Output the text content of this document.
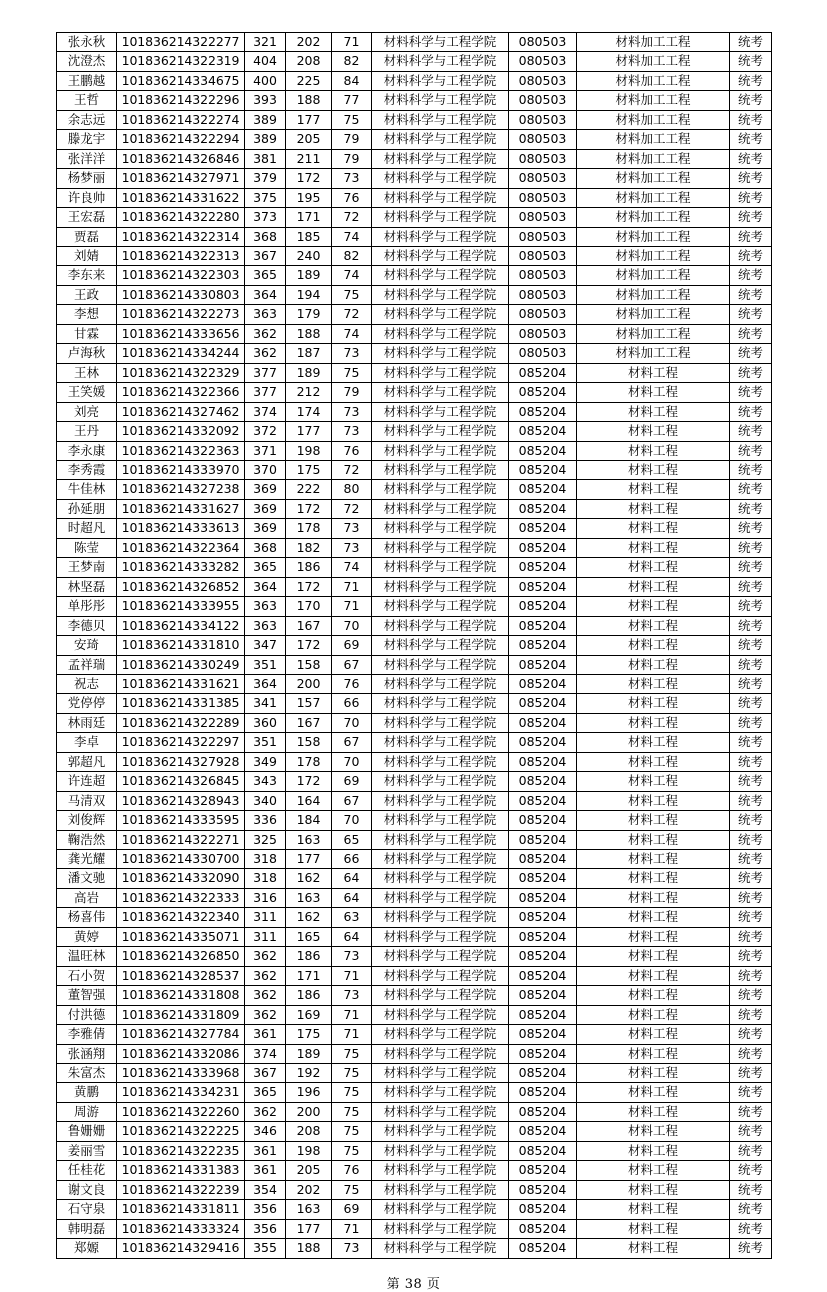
张永秋	101836214322277	321	202	71	材料科学与工程学院	080503	材料加工工程	统考
沈澄杰	101836214322319	404	208	82	材料科学与工程学院	080503	材料加工工程	统考
王鹏越	101836214334675	400	225	84	材料科学与工程学院	080503	材料加工工程	统考
王哲	101836214322296	393	188	77	材料科学与工程学院	080503	材料加工工程	统考
余志远	101836214322274	389	177	75	材料科学与工程学院	080503	材料加工工程	统考
滕龙宇	101836214322294	389	205	79	材料科学与工程学院	080503	材料加工工程	统考
张洋洋	101836214326846	381	211	79	材料科学与工程学院	080503	材料加工工程	统考
杨梦丽	101836214327971	379	172	73	材料科学与工程学院	080503	材料加工工程	统考
许良帅	101836214331622	375	195	76	材料科学与工程学院	080503	材料加工工程	统考
王宏磊	101836214322280	373	171	72	材料科学与工程学院	080503	材料加工工程	统考
贾磊	101836214322314	368	185	74	材料科学与工程学院	080503	材料加工工程	统考
刘婧	101836214322313	367	240	82	材料科学与工程学院	080503	材料加工工程	统考
李东来	101836214322303	365	189	74	材料科学与工程学院	080503	材料加工工程	统考
王政	101836214330803	364	194	75	材料科学与工程学院	080503	材料加工工程	统考
李想	101836214322273	363	179	72	材料科学与工程学院	080503	材料加工工程	统考
甘霖	101836214333656	362	188	74	材料科学与工程学院	080503	材料加工工程	统考
卢海秋	101836214334244	362	187	73	材料科学与工程学院	080503	材料加工工程	统考
王林	101836214322329	377	189	75	材料科学与工程学院	085204	材料工程	统考
王笑媛	101836214322366	377	212	79	材料科学与工程学院	085204	材料工程	统考
刘亮	101836214327462	374	174	73	材料科学与工程学院	085204	材料工程	统考
王丹	101836214332092	372	177	73	材料科学与工程学院	085204	材料工程	统考
李永康	101836214322363	371	198	76	材料科学与工程学院	085204	材料工程	统考
李秀霞	101836214333970	370	175	72	材料科学与工程学院	085204	材料工程	统考
牛佳林	101836214327238	369	222	80	材料科学与工程学院	085204	材料工程	统考
孙延朋	101836214331627	369	172	72	材料科学与工程学院	085204	材料工程	统考
时超凡	101836214333613	369	178	73	材料科学与工程学院	085204	材料工程	统考
陈莹	101836214322364	368	182	73	材料科学与工程学院	085204	材料工程	统考
王梦南	101836214333282	365	186	74	材料科学与工程学院	085204	材料工程	统考
林坚磊	101836214326852	364	172	71	材料科学与工程学院	085204	材料工程	统考
单彤彤	101836214333955	363	170	71	材料科学与工程学院	085204	材料工程	统考
李德贝	101836214334122	363	167	70	材料科学与工程学院	085204	材料工程	统考
安琦	101836214331810	347	172	69	材料科学与工程学院	085204	材料工程	统考
孟祥瑞	101836214330249	351	158	67	材料科学与工程学院	085204	材料工程	统考
祝志	101836214331621	364	200	76	材料科学与工程学院	085204	材料工程	统考
党停停	101836214331385	341	157	66	材料科学与工程学院	085204	材料工程	统考
林雨廷	101836214322289	360	167	70	材料科学与工程学院	085204	材料工程	统考
李卓	101836214322297	351	158	67	材料科学与工程学院	085204	材料工程	统考
郭超凡	101836214327928	349	178	70	材料科学与工程学院	085204	材料工程	统考
许连超	101836214326845	343	172	69	材料科学与工程学院	085204	材料工程	统考
马清双	101836214328943	340	164	67	材料科学与工程学院	085204	材料工程	统考
刘俊辉	101836214333595	336	184	70	材料科学与工程学院	085204	材料工程	统考
鞠浩然	101836214322271	325	163	65	材料科学与工程学院	085204	材料工程	统考
龚光耀	101836214330700	318	177	66	材料科学与工程学院	085204	材料工程	统考
潘文驰	101836214332090	318	162	64	材料科学与工程学院	085204	材料工程	统考
高岩	101836214322333	316	163	64	材料科学与工程学院	085204	材料工程	统考
杨喜伟	101836214322340	311	162	63	材料科学与工程学院	085204	材料工程	统考
黄婷	101836214335071	311	165	64	材料科学与工程学院	085204	材料工程	统考
温旺林	101836214326850	362	186	73	材料科学与工程学院	085204	材料工程	统考
石小贺	101836214328537	362	171	71	材料科学与工程学院	085204	材料工程	统考
董智强	101836214331808	362	186	73	材料科学与工程学院	085204	材料工程	统考
付洪德	101836214331809	362	169	71	材料科学与工程学院	085204	材料工程	统考
李雅倩	101836214327784	361	175	71	材料科学与工程学院	085204	材料工程	统考
张涵翔	101836214332086	374	189	75	材料科学与工程学院	085204	材料工程	统考
朱富杰	101836214333968	367	192	75	材料科学与工程学院	085204	材料工程	统考
黄鹏	101836214334231	365	196	75	材料科学与工程学院	085204	材料工程	统考
周游	101836214322260	362	200	75	材料科学与工程学院	085204	材料工程	统考
鲁姗姗	101836214322225	346	208	75	材料科学与工程学院	085204	材料工程	统考
姜丽雪	101836214322235	361	198	75	材料科学与工程学院	085204	材料工程	统考
任桂花	101836214331383	361	205	76	材料科学与工程学院	085204	材料工程	统考
谢文良	101836214322239	354	202	75	材料科学与工程学院	085204	材料工程	统考
石守泉	101836214331811	356	163	69	材料科学与工程学院	085204	材料工程	统考
韩明磊	101836214333324	356	177	71	材料科学与工程学院	085204	材料工程	统考
郑嫄	101836214329416	355	188	73	材料科学与工程学院	085204	材料工程	统考
第 38 页
